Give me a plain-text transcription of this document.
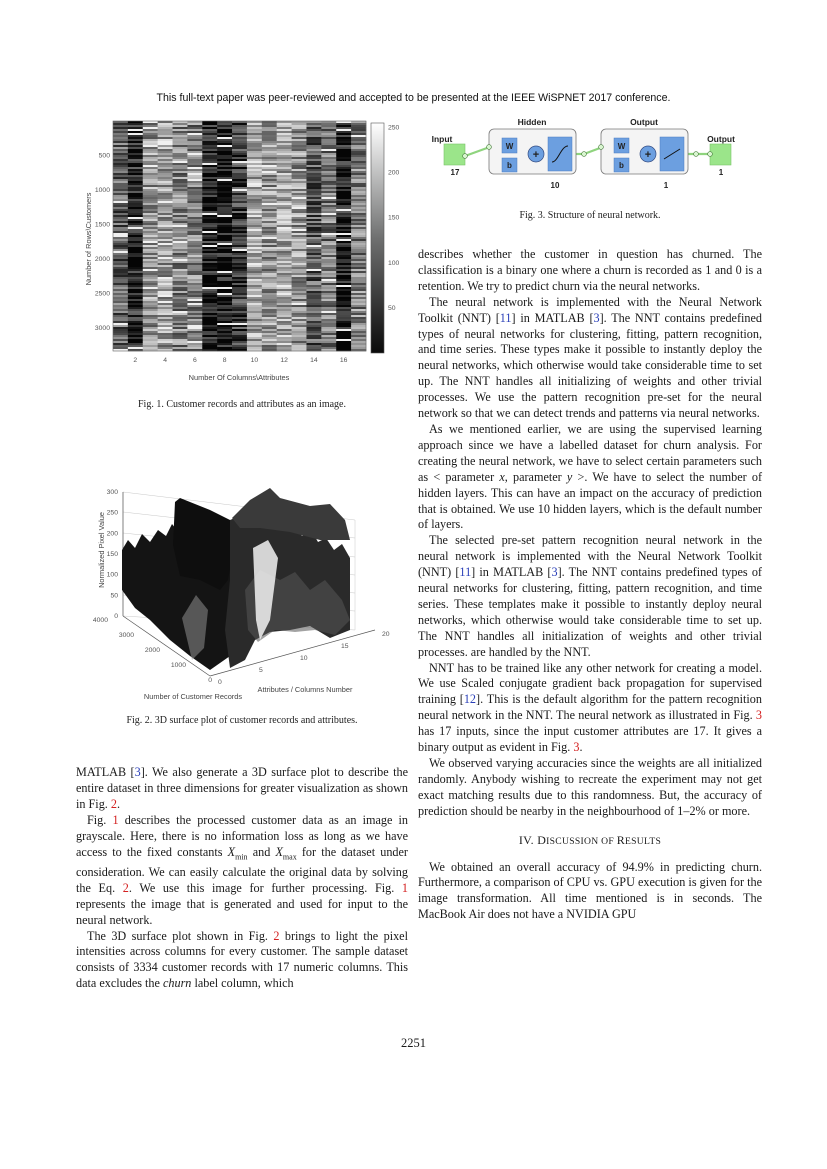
This full-text paper was peer-reviewed and accepted to be presented at the IEEE WiSPNET 2017 conference.
500
1000
1500
2000
2500
3000
2	4	6	8	10	12	14	16
Number of Rows\Customers
Number Of Columns\Attributes
250
200
150
100
50
Fig. 1. Customer records and attributes as an image.
Input
17
Hidden
W
b
+
10
Output
W
b
+
1
Output
1
Fig. 3. Structure of neural network.
300
250
200
150
100
50
0
4000
3000
2000
1000
0 0
5
10
15
20
Normalized Pixel Value
Attributes / Columns Number
Number of Customer Records
Fig. 2. 3D surface plot of customer records and attributes.

MATLAB [3]. We also generate a 3D surface plot to describe the entire dataset in three dimensions for greater visualization as shown in Fig. 2.

Fig. 1 describes the processed customer data as an image in grayscale. Here, there is no information loss as long as we have access to the fixed constants $X_{min}$ and $X_{max}$ for the dataset under consideration. We can easily calculate the original data by solving the Eq. 2. We use this image for further processing. Fig. 1 represents the image that is generated and used for input to the neural network.

The 3D surface plot shown in Fig. 2 brings to light the pixel intensities across columns for every customer. The sample dataset consists of 3334 customer records with 17 numeric columns. This data excludes the churn label column, which

describes whether the customer in question has churned. The classification is a binary one where a churn is recorded as 1 and 0 is a retention. We try to predict churn via the neural networks.

The neural network is implemented with the Neural Network Toolkit (NNT) [11] in MATLAB [3]. The NNT contains predefined types of neural networks for clustering, fitting, pattern recognition, and time series. These types make it possible to instantly deploy the neural networks, which otherwise would take considerable time to set up. The NNT handles all initializing of weights and other trivial processes. We use the pattern recognition pre-set for the neural network so that we can detect trends and patterns via neural networks.

As we mentioned earlier, we are using the supervised learning approach since we have a labelled dataset for churn analysis. For creating the neural network, we have to select certain parameters such as < parameter x, parameter y >. We have to select the number of hidden layers. This can have an impact on the accuracy of prediction that is obtained. We use 10 hidden layers, which is the default number of layers.

The selected pre-set pattern recognition neural network in the neural network is implemented with the Neural Network Toolkit (NNT) [11] in MATLAB [3]. The NNT contains predefined types of neural networks for clustering, fitting, pattern recognition, and time series. These templates make it possible to instantly deploy neural networks, which otherwise would take considerable time to set up. The NNT handles all initialization of weights and other trivial processes. are handled by the NNT.

NNT has to be trained like any other network for creating a model. We use Scaled conjugate gradient back propagation for supervised training [12]. This is the default algorithm for the pattern recognition neural network in the NNT. The neural network as illustrated in Fig. 3 has 17 inputs, since the input customer attributes are 17. It gives a binary output as evident in Fig. 3.

We observed varying accuracies since the weights are all initialized randomly. Anybody wishing to recreate the experiment may not get exact matching results due to this randomness. But, the accuracy of prediction should be nearby in the neighbourhood of 1–2% or more.

IV. DISCUSSION OF RESULTS

We obtained an overall accuracy of 94.9% in predicting churn. Furthermore, a comparison of CPU vs. GPU execution is given for the image transformation. All time mentioned is in seconds. The MacBook Air does not have a NVIDIA GPU

2251
